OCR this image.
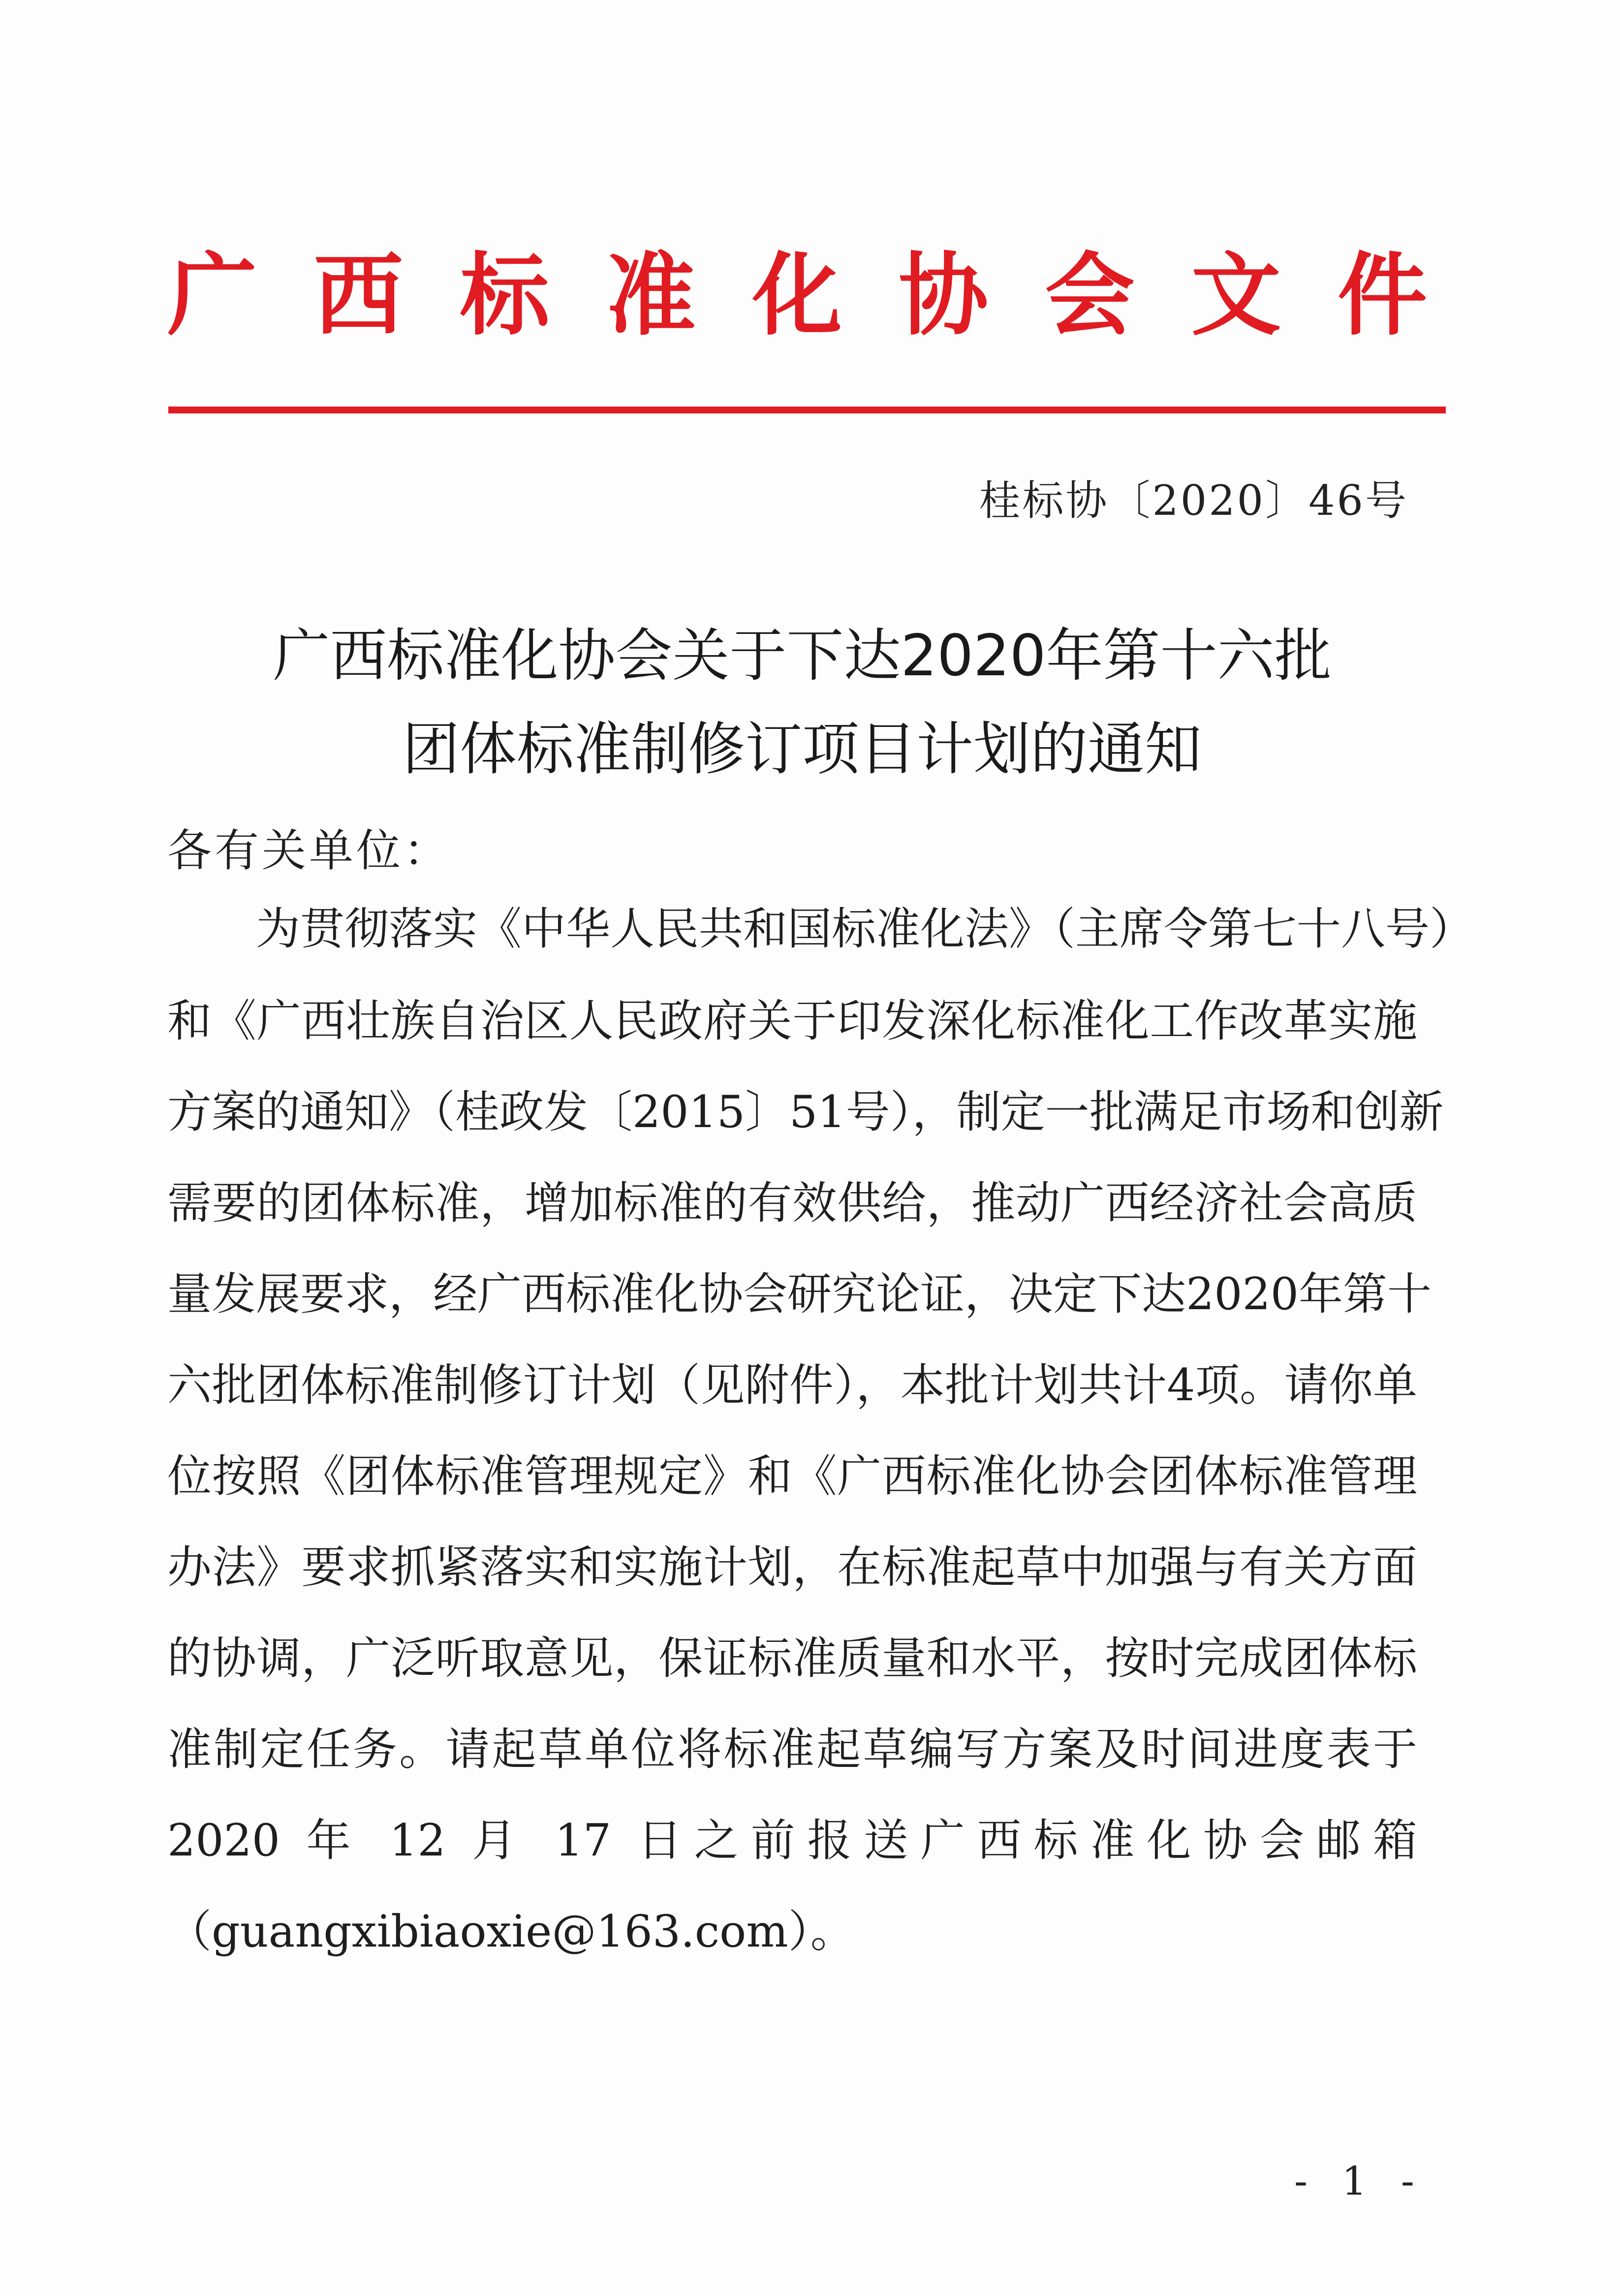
广 西 标 准 化 协 会 文 件
桂标协〔2020〕46号
广西标准化协会关于下达2020年第十六批
团体标准制修订项目计划的通知
各有关单位：
为贯彻落实《中华人民共和国标准化法》（主席令第七十八号）
和《广西壮族自治区人民政府关于印发深化标准化工作改革实施
方案的通知》（桂政发〔2015〕51号），制定一批满足市场和创新
需要的团体标准，增加标准的有效供给，推动广西经济社会高质
量发展要求，经广西标准化协会研究论证，决定下达2020年第十
六批团体标准制修订计划（见附件），本批计划共计4项。请你单
位按照《团体标准管理规定》和《广西标准化协会团体标准管理
办法》要求抓紧落实和实施计划，在标准起草中加强与有关方面
的协调，广泛听取意见，保证标准质量和水平，按时完成团体标
准制定任务。请起草单位将标准起草编写方案及时间进度表于
2020 年 12 月 17 日之前报送广西标准化协会邮箱
（guangxibiaoxie@163.com）。
- 1 -
